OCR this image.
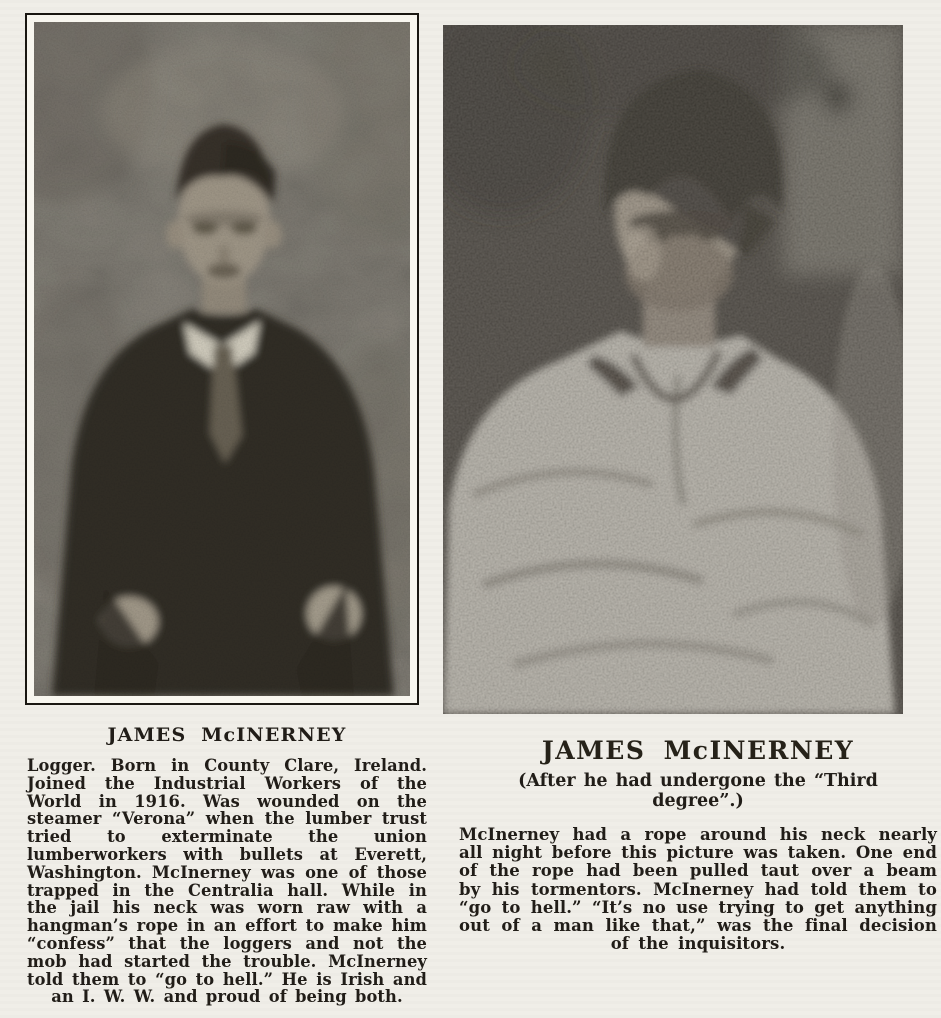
JAMES McINERNEY

Logger. Born in County Clare, Ireland. Joined the Industrial Workers of the World in 1916. Was wounded on the steamer “Verona” when the lumber trust tried to exterminate the union lumberworkers with bullets at Everett, Washington. McInerney was one of those trapped in the Centralia hall. While in the jail his neck was worn raw with a hangman’s rope in an effort to make him “confess” that the loggers and not the mob had started the trouble. McInerney told them to “go to hell.” He is Irish and an I. W. W. and proud of being both.

JAMES McINERNEY

(After he had undergone the “Third degree”.)

McInerney had a rope around his neck nearly all night before this picture was taken. One end of the rope had been pulled taut over a beam by his tormentors. McInerney had told them to “go to hell.” “It’s no use trying to get anything out of a man like that,” was the final decision of the inquisitors.
